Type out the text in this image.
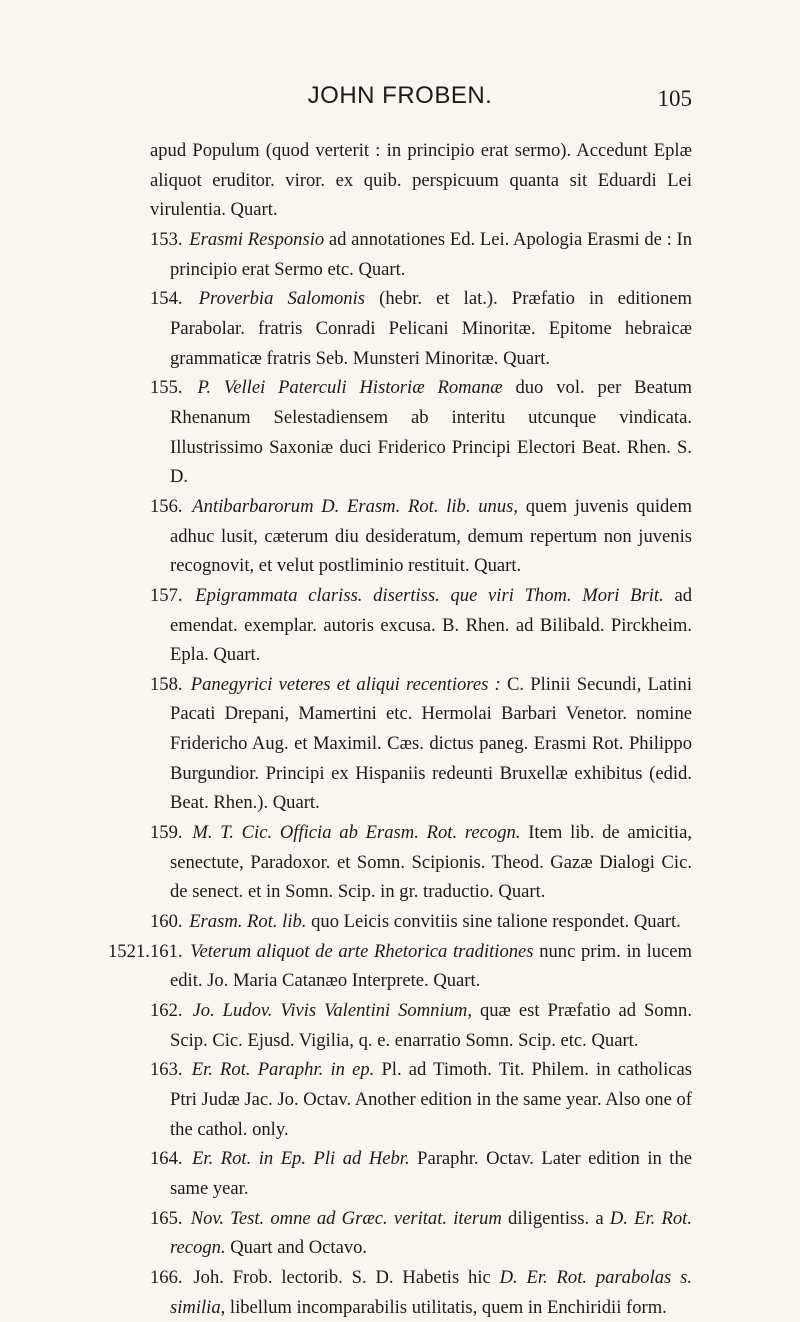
JOHN FROBEN.	105

apud Populum (quod verterit : in principio erat sermo). Accedunt Eplæ aliquot eruditor. viror. ex quib. perspicuum quanta sit Eduardi Lei virulentia. Quart.

153. Erasmi Responsio ad annotationes Ed. Lei. Apologia Erasmi de : In principio erat Sermo etc. Quart.

154. Proverbia Salomonis (hebr. et lat.). Præfatio in editionem Parabolar. fratris Conradi Pelicani Minoritæ. Epitome hebraicæ grammaticæ fratris Seb. Munsteri Minoritæ. Quart.

155. P. Vellei Paterculi Historiæ Romanæ duo vol. per Beatum Rhenanum Selestadiensem ab interitu utcunque vindicata. Illustrissimo Saxoniæ duci Friderico Principi Electori Beat. Rhen. S. D.

156. Antibarbarorum D. Erasm. Rot. lib. unus, quem juvenis quidem adhuc lusit, cæterum diu desideratum, demum repertum non juvenis recognovit, et velut postliminio restituit. Quart.

157. Epigrammata clariss. disertiss. que viri Thom. Mori Brit. ad emendat. exemplar. autoris excusa. B. Rhen. ad Bilibald. Pirckheim. Epla. Quart.

158. Panegyrici veteres et aliqui recentiores : C. Plinii Secundi, Latini Pacati Drepani, Mamertini etc. Hermolai Barbari Venetor. nomine Fridericho Aug. et Maximil. Cæs. dictus paneg. Erasmi Rot. Philippo Burgundior. Principi ex Hispaniis redeunti Bruxellæ exhibitus (edid. Beat. Rhen.). Quart.

159. M. T. Cic. Officia ab Erasm. Rot. recogn. Item lib. de amicitia, senectute, Paradoxor. et Somn. Scipionis. Theod. Gazæ Dialogi Cic. de senect. et in Somn. Scip. in gr. traductio. Quart.

160. Erasm. Rot. lib. quo Leicis convitiis sine talione respondet. Quart.

1521. 161. Veterum aliquot de arte Rhetorica traditiones nunc prim. in lucem edit. Jo. Maria Catanæo Interprete. Quart.

162. Jo. Ludov. Vivis Valentini Somnium, quæ est Præfatio ad Somn. Scip. Cic. Ejusd. Vigilia, q. e. enarratio Somn. Scip. etc. Quart.

163. Er. Rot. Paraphr. in ep. Pl. ad Timoth. Tit. Philem. in catholicas Ptri Judæ Jac. Jo. Octav. Another edition in the same year. Also one of the cathol. only.

164. Er. Rot. in Ep. Pli ad Hebr. Paraphr. Octav. Later edition in the same year.

165. Nov. Test. omne ad Græc. veritat. iterum diligentiss. a D. Er. Rot. recogn. Quart and Octavo.

166. Joh. Frob. lectorib. S. D. Habetis hic D. Er. Rot. parabolas s. similia, libellum incomparabilis utilitatis, quem in Enchiridii form.
